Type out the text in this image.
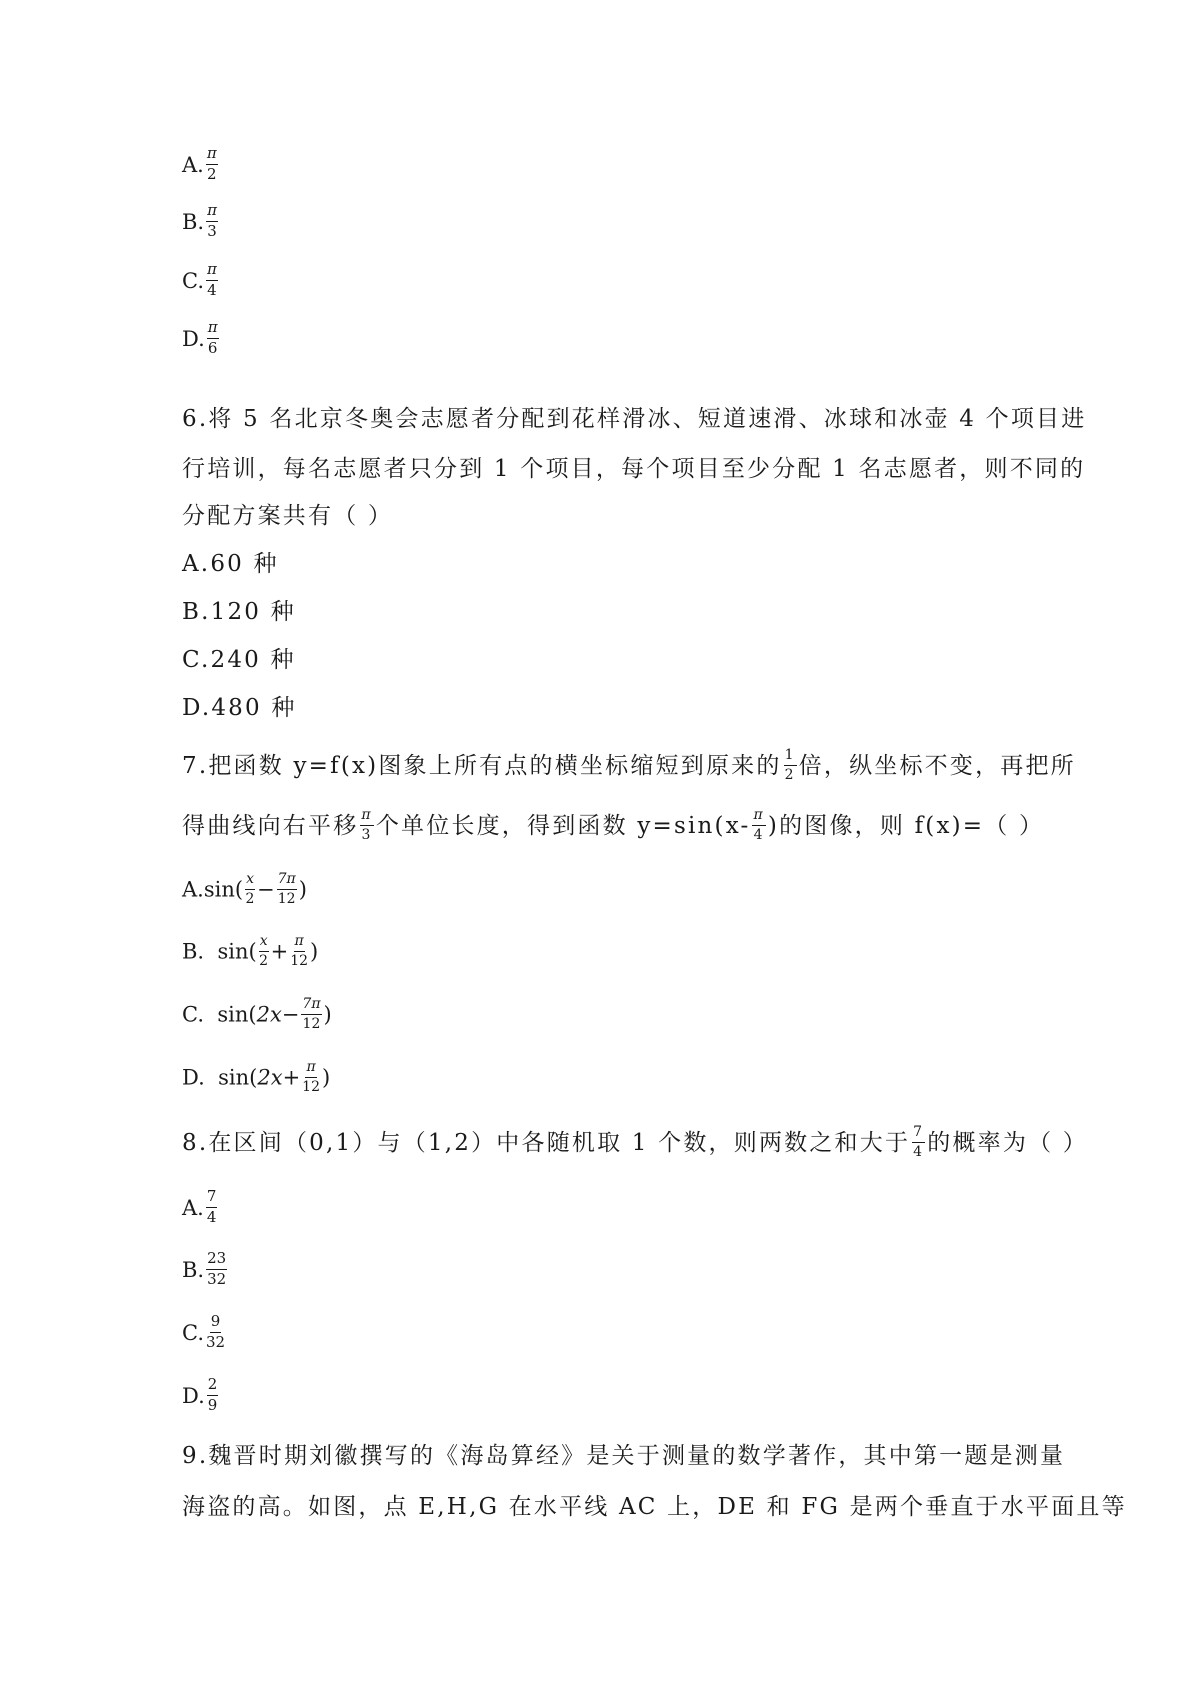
A. $\frac{\pi}{2}$
B. $\frac{\pi}{3}$
C. $\frac{\pi}{4}$
D. $\frac{\pi}{6}$
6.将 5 名北京冬奥会志愿者分配到花样滑冰、短道速滑、冰球和冰壶 4 个项目进
行培训，每名志愿者只分到 1 个项目，每个项目至少分配 1 名志愿者，则不同的
分配方案共有（ ）
A.60 种
B.120 种
C.240 种
D.480 种
7.把函数 y=f(x)图象上所有点的横坐标缩短到原来的 $\frac{1}{2}$ 倍，纵坐标不变，再把所
得曲线向右平移 $\frac{\pi}{3}$ 个单位长度，得到函数 $y=\sin(x- \frac{\pi}{4}$ )的图像，则 f(x)=（ ）
$A.\sin( \frac{x}{2} - \frac{7\pi}{12}$ )
B. $\sin( \frac{x}{2} + \frac{\pi}{12}$ )
C. $\sin(2x- \frac{7\pi}{12}$ )
D. $\sin(2x+ \frac{\pi}{12}$ )
8.在区间（0,1）与（1,2）中各随机取 1 个数，则两数之和大于 $\frac{7}{4}$ 的概率为（ ）
A. $\frac{7}{4}$
B. $\frac{23}{32}$
C. $\frac{9}{32}$
D. $\frac{2}{9}$
9.魏晋时期刘徽撰写的《海岛算经》是关于测量的数学著作，其中第一题是测量
海盗的高。如图，点 E,H,G 在水平线 AC 上，DE 和 FG 是两个垂直于水平面且等
